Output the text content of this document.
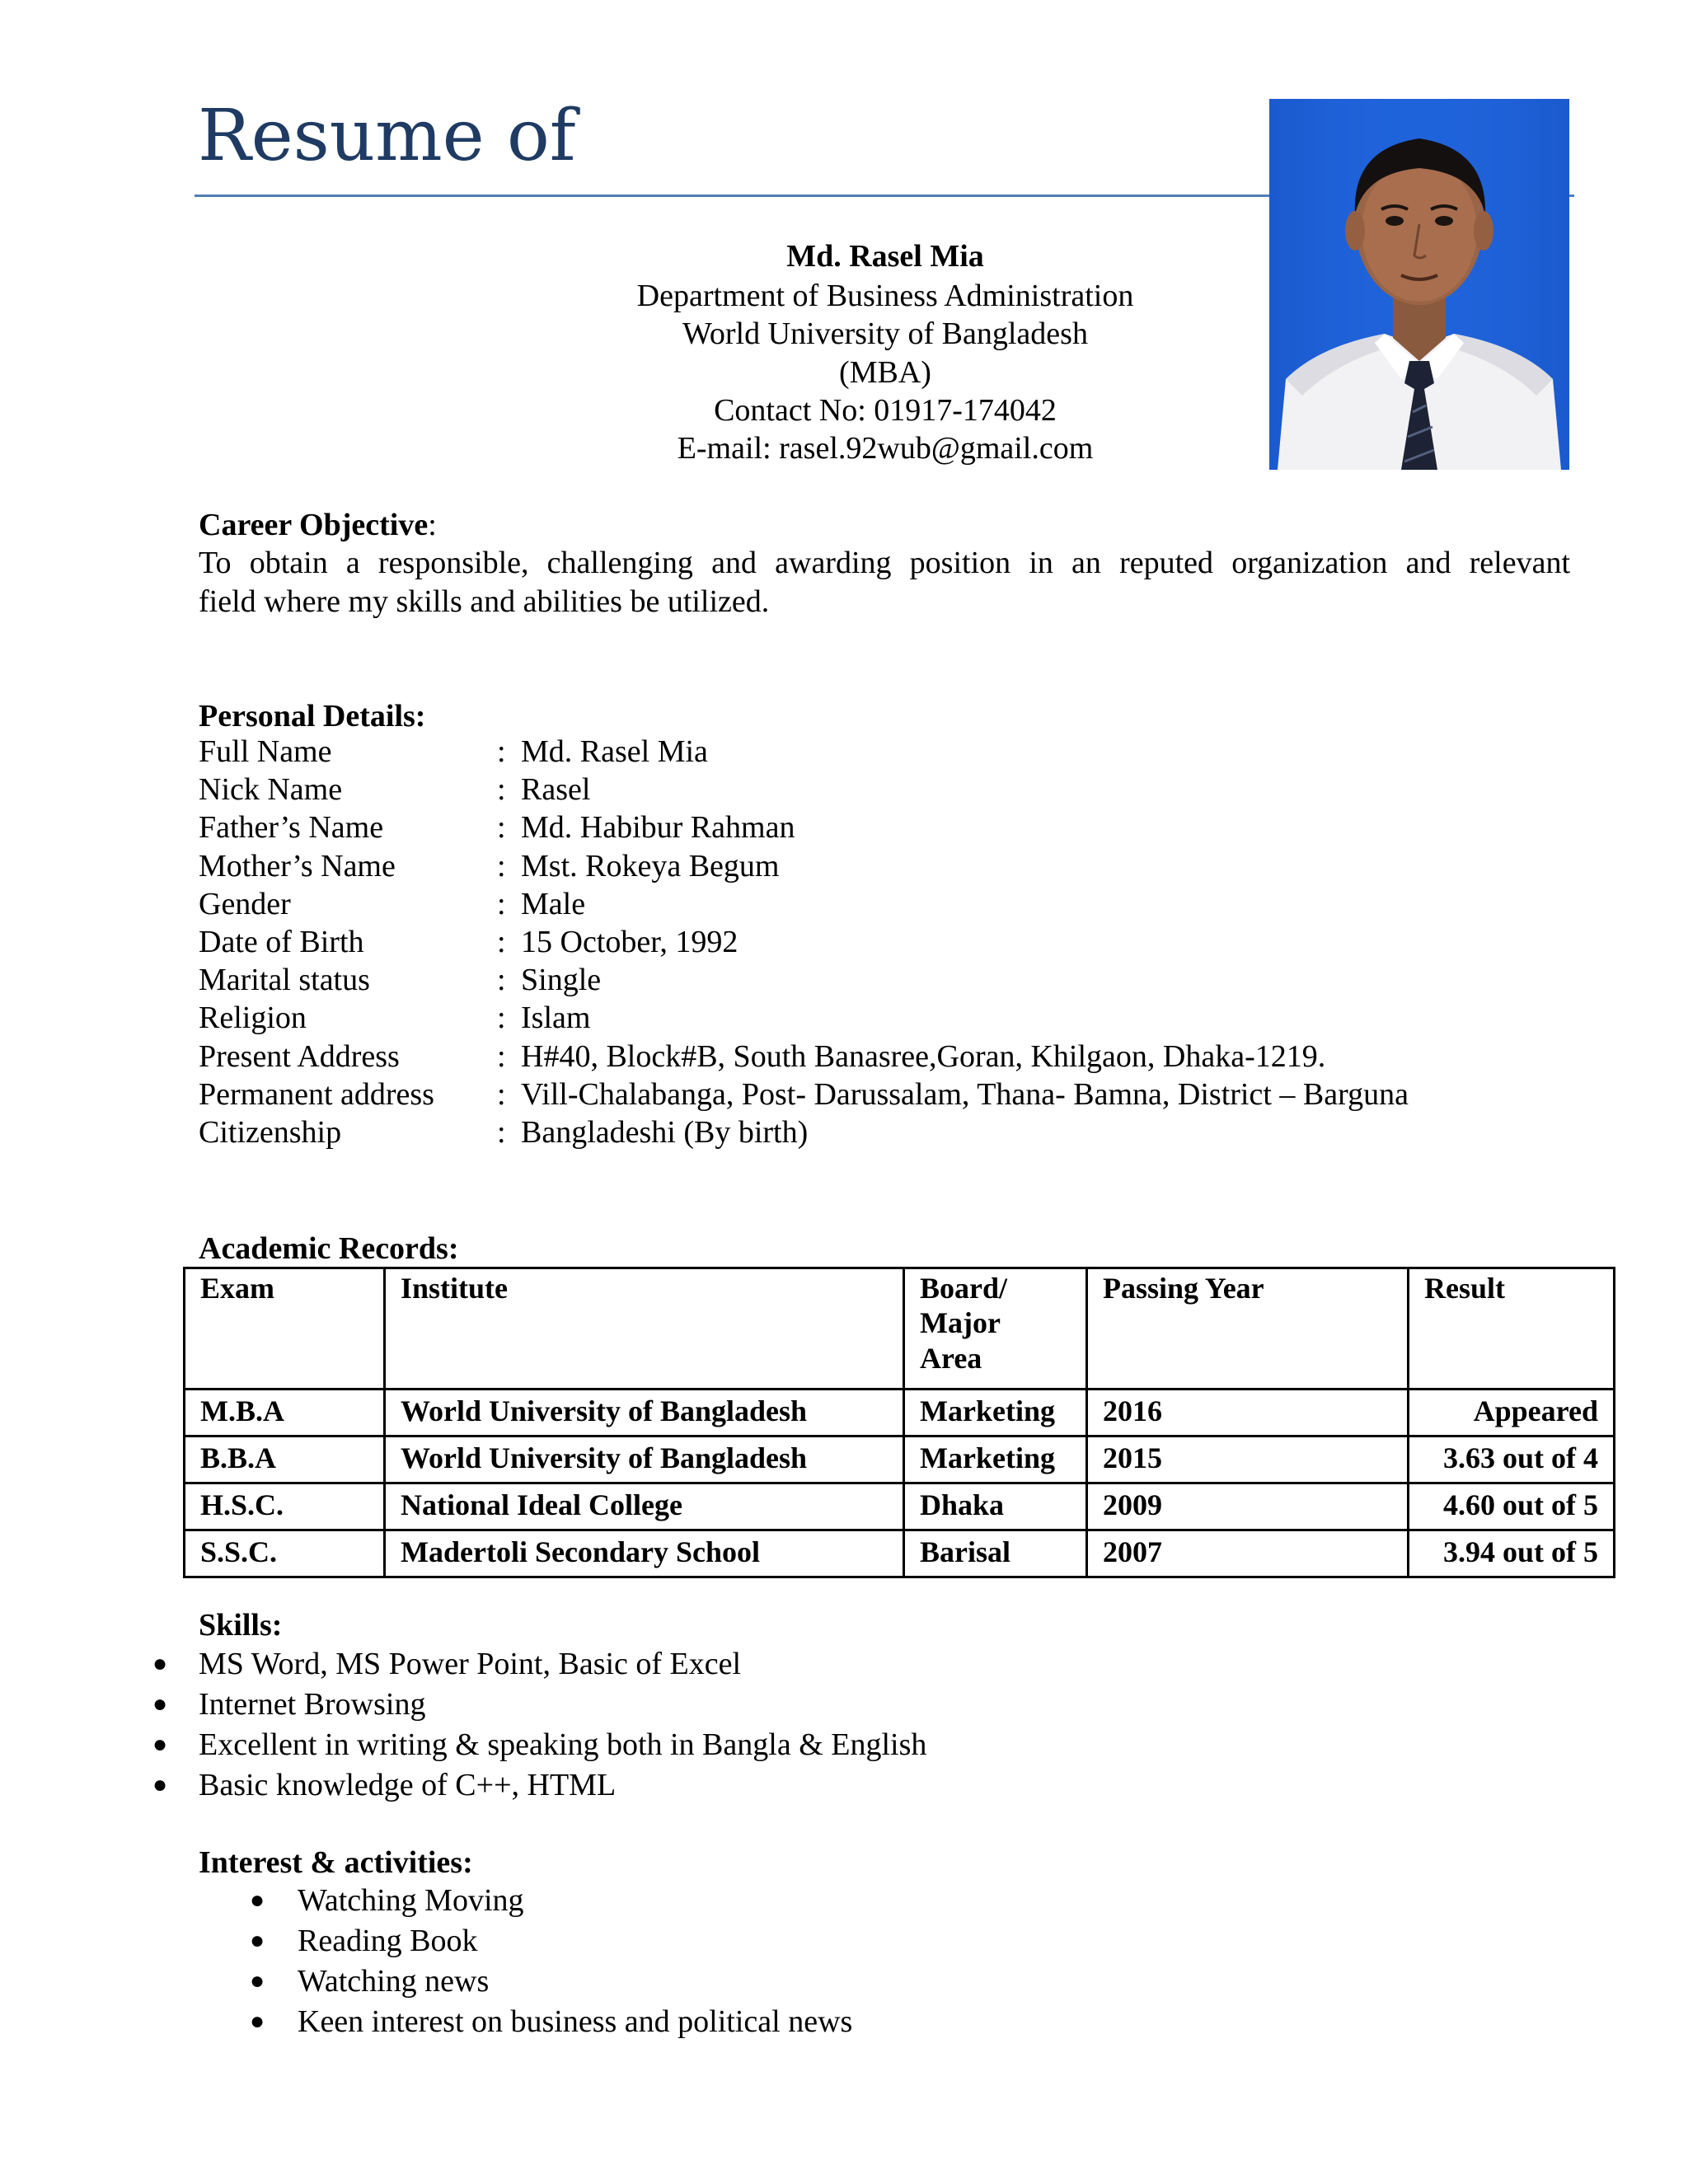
Resume of
Md. Rasel Mia
Department of Business Administration
World University of Bangladesh
(MBA)
Contact No: 01917-174042
E-mail: rasel.92wub@gmail.com
Career Objective:
To obtain a responsible, challenging and awarding position in an reputed organization and relevant
field where my skills and abilities be utilized.
Personal Details:
Full Name	: Md. Rasel Mia
Nick Name	: Rasel
Father’s Name	: Md. Habibur Rahman
Mother’s Name	: Mst. Rokeya Begum
Gender	: Male
Date of Birth	: 15 October, 1992
Marital status	: Single
Religion	: Islam
Present Address	: H#40, Block#B, South Banasree,Goran, Khilgaon, Dhaka-1219.
Permanent address	: Vill-Chalabanga, Post- Darussalam, Thana- Bamna, District – Barguna
Citizenship	: Bangladeshi (By birth)
Academic Records:
Exam	Institute	Board/
Major
Area	Passing Year	Result
M.B.A	World University of Bangladesh	Marketing	2016	Appeared
B.B.A	World University of Bangladesh	Marketing	2015	3.63 out of 4
H.S.C.	National Ideal College	Dhaka	2009	4.60 out of 5
S.S.C.	Madertoli Secondary School	Barisal	2007	3.94 out of 5
Skills:
● MS Word, MS Power Point, Basic of Excel
● Internet Browsing
● Excellent in writing & speaking both in Bangla & English
● Basic knowledge of C++, HTML
Interest & activities:
● Watching Moving
● Reading Book
● Watching news
● Keen interest on business and political news
